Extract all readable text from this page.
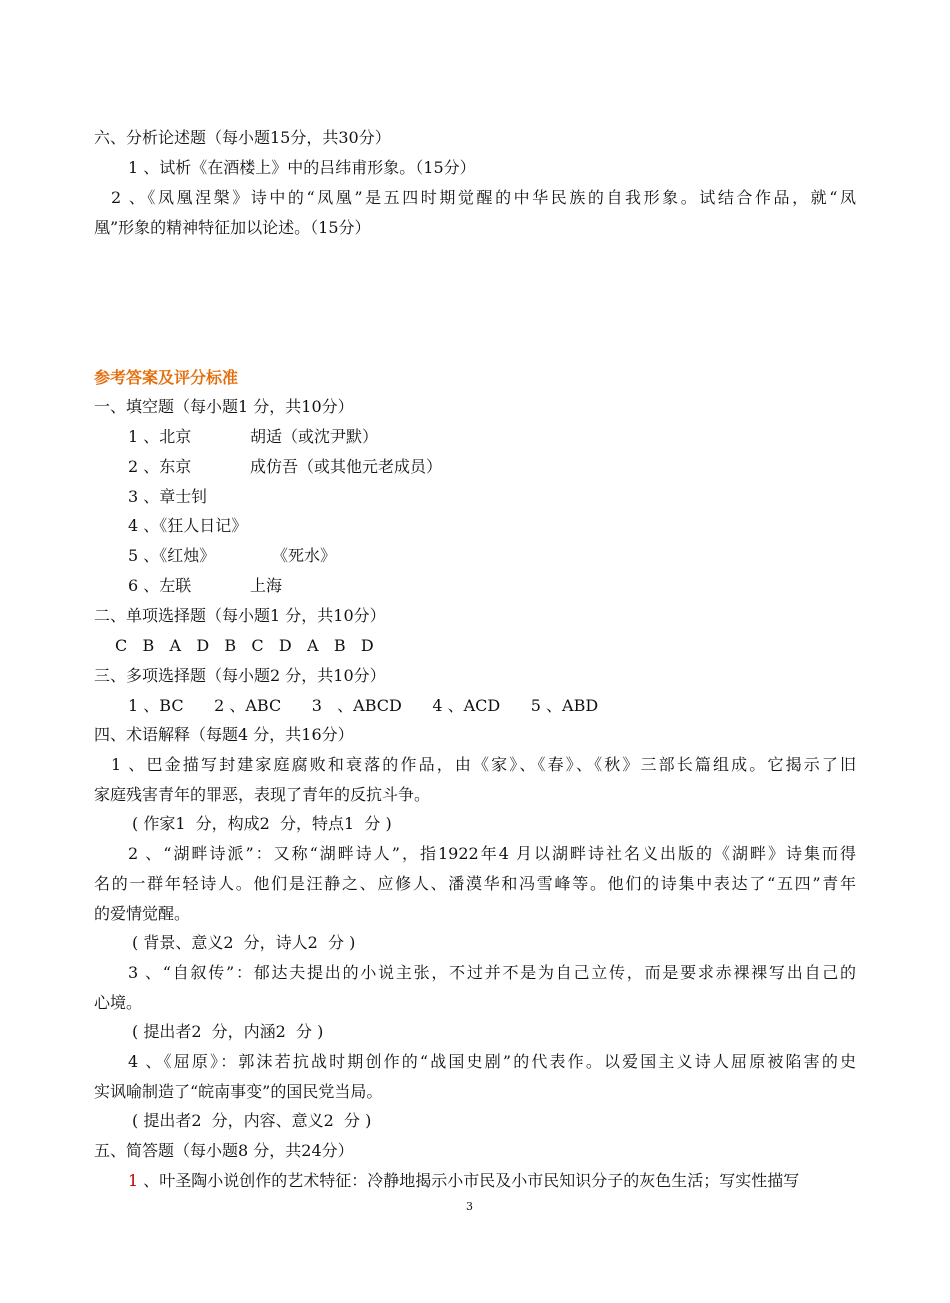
六、分析论述题（每小题15分，共30分）
1 、试析《在酒楼上》中的吕纬甫形象。（15分）
2 、《凤凰涅槃》诗中的“凤凰”是五四时期觉醒的中华民族的自我形象。试结合作品，就“凤
凰”形象的精神特征加以论述。（15分）
参考答案及评分标准
一、填空题（每小题1 分，共10分）
1 、北京	胡适（或沈尹默）
2 、东京	成仿吾（或其他元老成员）
3 、章士钊
4 、《狂人日记》
5 、《红烛》	《死水》
6 、左联	上海
二、单项选择题（每小题1 分，共10分）
C   B   A   D   B   C   D   A   B   D
三、多项选择题（每小题2 分，共10分）
1 、BC      2 、ABC      3   、ABCD      4 、ACD      5 、ABD
四、术语解释（每题4 分，共16分）
1 、巴金描写封建家庭腐败和衰落的作品，由《家》、《春》、《秋》三部长篇组成。它揭示了旧
家庭残害青年的罪恶，表现了青年的反抗斗争。
( 作家1  分，构成2  分，特点1  分 )
2 、“湖畔诗派”：又称“湖畔诗人”，指1922年4 月以湖畔诗社名义出版的《湖畔》诗集而得
名的一群年轻诗人。他们是汪静之、应修人、潘漠华和冯雪峰等。他们的诗集中表达了“五四”青年
的爱情觉醒。
( 背景、意义2  分，诗人2  分 )
3 、“自叙传”：郁达夫提出的小说主张，不过并不是为自己立传，而是要求赤裸裸写出自己的
心境。
( 提出者2  分，内涵2  分 )
4 、《屈原》：郭沫若抗战时期创作的“战国史剧”的代表作。以爱国主义诗人屈原被陷害的史
实讽喻制造了“皖南事变”的国民党当局。
( 提出者2  分，内容、意义2  分 )
五、简答题（每小题8 分，共24分）
1 、叶圣陶小说创作的艺术特征：冷静地揭示小市民及小市民知识分子的灰色生活；写实性描写
3
